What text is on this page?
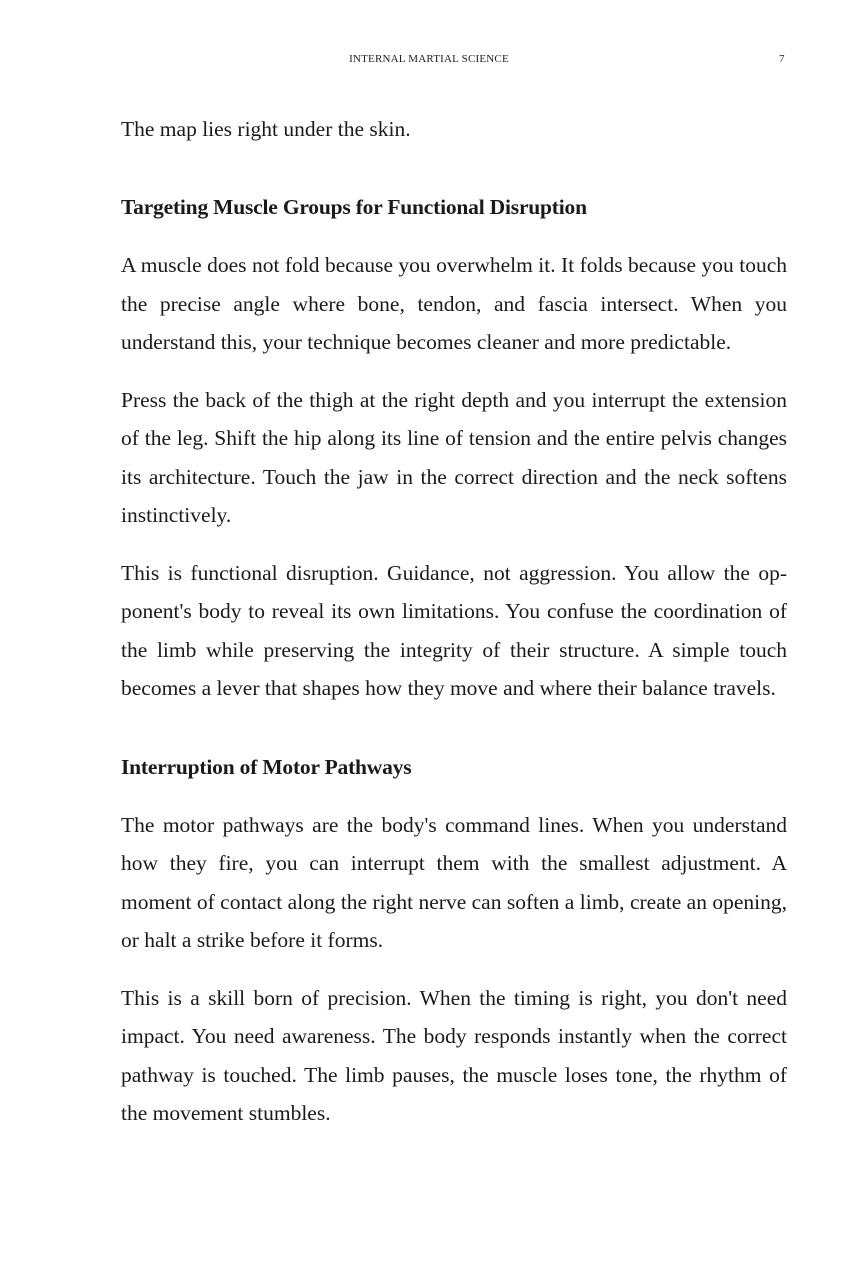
INTERNAL MARTIAL SCIENCE	7

The map lies right under the skin.

Targeting Muscle Groups for Functional Disruption

A muscle does not fold because you overwhelm it. It folds because you touch the precise angle where bone, tendon, and fascia intersect. When you understand this, your technique becomes cleaner and more predictable.

Press the back of the thigh at the right depth and you interrupt the extension of the leg. Shift the hip along its line of tension and the entire pelvis changes its architecture. Touch the jaw in the correct direction and the neck softens instinctively.

This is functional disruption. Guidance, not aggression. You allow the opponent's body to reveal its own limitations. You confuse the coordination of the limb while preserving the integrity of their structure. A simple touch becomes a lever that shapes how they move and where their balance travels.

Interruption of Motor Pathways

The motor pathways are the body's command lines. When you understand how they fire, you can interrupt them with the smallest adjustment. A moment of contact along the right nerve can soften a limb, create an opening, or halt a strike before it forms.

This is a skill born of precision. When the timing is right, you don't need impact. You need awareness. The body responds instantly when the correct pathway is touched. The limb pauses, the muscle loses tone, the rhythm of the movement stumbles.
